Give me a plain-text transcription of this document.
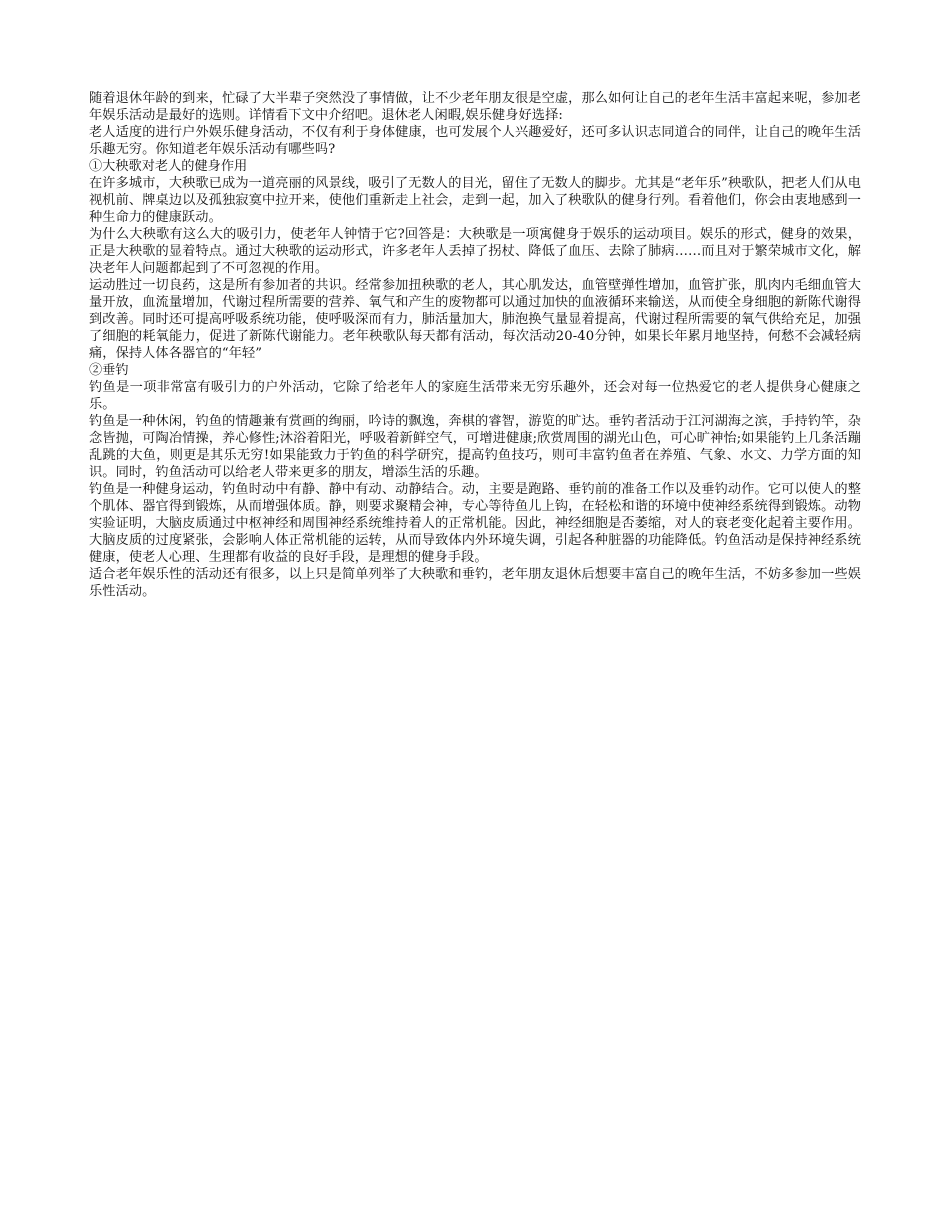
随着退休年龄的到来，忙碌了大半辈子突然没了事情做，让不少老年朋友很是空虚，那么如何让自己的老年生活丰富起来呢，参加老年娱乐活动是最好的选则。详情看下文中介绍吧。退休老人闲暇,娱乐健身好选择:

老人适度的进行户外娱乐健身活动，不仅有利于身体健康，也可发展个人兴趣爱好，还可多认识志同道合的同伴，让自己的晚年生活乐趣无穷。你知道老年娱乐活动有哪些吗?

①大秧歌对老人的健身作用

在许多城市，大秧歌已成为一道亮丽的风景线，吸引了无数人的目光，留住了无数人的脚步。尤其是“老年乐”秧歌队，把老人们从电视机前、牌桌边以及孤独寂寞中拉开来，使他们重新走上社会，走到一起，加入了秧歌队的健身行列。看着他们，你会由衷地感到一种生命力的健康跃动。

为什么大秧歌有这么大的吸引力，使老年人钟情于它?回答是：大秧歌是一项寓健身于娱乐的运动项目。娱乐的形式，健身的效果，正是大秧歌的显着特点。通过大秧歌的运动形式，许多老年人丢掉了拐杖、降低了血压、去除了肺病……而且对于繁荣城市文化，解决老年人问题都起到了不可忽视的作用。

运动胜过一切良药，这是所有参加者的共识。经常参加扭秧歌的老人，其心肌发达，血管壁弹性增加，血管扩张，肌肉内毛细血管大量开放，血流量增加，代谢过程所需要的营养、氧气和产生的废物都可以通过加快的血液循环来输送，从而使全身细胞的新陈代谢得到改善。同时还可提高呼吸系统功能，使呼吸深而有力，肺活量加大，肺泡换气量显着提高，代谢过程所需要的氧气供给充足，加强了细胞的耗氧能力，促进了新陈代谢能力。老年秧歌队每天都有活动，每次活动20-40分钟，如果长年累月地坚持，何愁不会减轻病痛，保持人体各器官的“年轻”

②垂钓

钓鱼是一项非常富有吸引力的户外活动，它除了给老年人的家庭生活带来无穷乐趣外，还会对每一位热爱它的老人提供身心健康之乐。

钓鱼是一种休闲，钓鱼的情趣兼有赏画的绚丽，吟诗的飘逸，奔棋的睿智，游览的旷达。垂钓者活动于江河湖海之滨，手持钓竿，杂念皆抛，可陶冶情操，养心修性;沐浴着阳光，呼吸着新鲜空气，可增进健康;欣赏周围的湖光山色，可心旷神怡;如果能钓上几条活蹦乱跳的大鱼，则更是其乐无穷!如果能致力于钓鱼的科学研究，提高钓鱼技巧，则可丰富钓鱼者在养殖、气象、水文、力学方面的知识。同时，钓鱼活动可以给老人带来更多的朋友，增添生活的乐趣。

钓鱼是一种健身运动，钓鱼时动中有静、静中有动、动静结合。动，主要是跑路、垂钓前的准备工作以及垂钓动作。它可以使人的整个肌体、器官得到锻炼，从而增强体质。静，则要求聚精会神，专心等待鱼儿上钩，在轻松和谐的环境中使神经系统得到锻炼。动物实验证明，大脑皮质通过中枢神经和周围神经系统维持着人的正常机能。因此，神经细胞是否萎缩，对人的衰老变化起着主要作用。大脑皮质的过度紧张，会影响人体正常机能的运转，从而导致体内外环境失调，引起各种脏器的功能降低。钓鱼活动是保持神经系统健康，使老人心理、生理都有收益的良好手段，是理想的健身手段。

适合老年娱乐性的活动还有很多，以上只是简单列举了大秧歌和垂钓，老年朋友退休后想要丰富自己的晚年生活，不妨多参加一些娱乐性活动。
